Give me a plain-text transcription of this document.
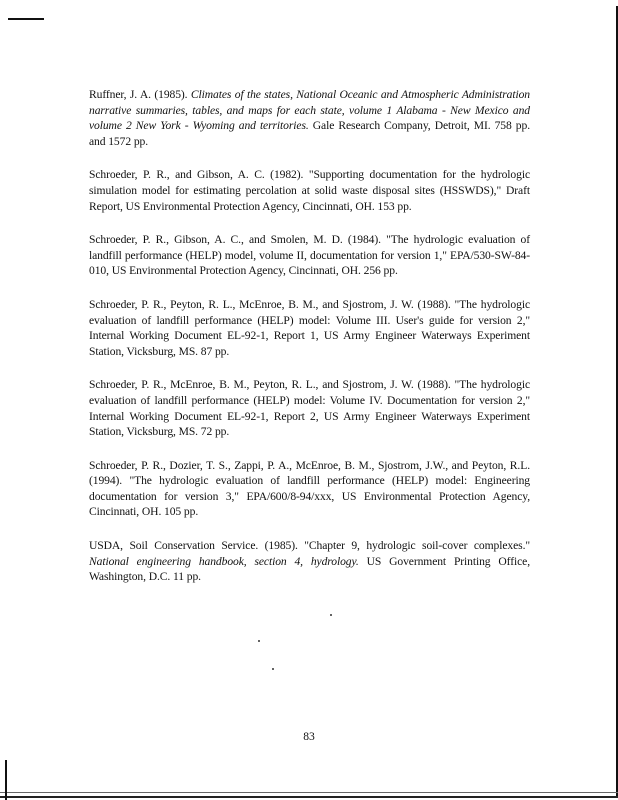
Ruffner, J. A. (1985). Climates of the states, National Oceanic and Atmospheric Administration narrative summaries, tables, and maps for each state, volume 1 Alabama - New Mexico and volume 2 New York - Wyoming and territories. Gale Research Company, Detroit, MI. 758 pp. and 1572 pp.
Schroeder, P. R., and Gibson, A. C. (1982). "Supporting documentation for the hydrologic simulation model for estimating percolation at solid waste disposal sites (HSSWDS)," Draft Report, US Environmental Protection Agency, Cincinnati, OH. 153 pp.
Schroeder, P. R., Gibson, A. C., and Smolen, M. D. (1984). "The hydrologic evaluation of landfill performance (HELP) model, volume II, documentation for version 1," EPA/530-SW-84-010, US Environmental Protection Agency, Cincinnati, OH. 256 pp.
Schroeder, P. R., Peyton, R. L., McEnroe, B. M., and Sjostrom, J. W. (1988). "The hydrologic evaluation of landfill performance (HELP) model: Volume III. User's guide for version 2," Internal Working Document EL-92-1, Report 1, US Army Engineer Waterways Experiment Station, Vicksburg, MS. 87 pp.
Schroeder, P. R., McEnroe, B. M., Peyton, R. L., and Sjostrom, J. W. (1988). "The hydrologic evaluation of landfill performance (HELP) model: Volume IV. Documentation for version 2," Internal Working Document EL-92-1, Report 2, US Army Engineer Waterways Experiment Station, Vicksburg, MS. 72 pp.
Schroeder, P. R., Dozier, T. S., Zappi, P. A., McEnroe, B. M., Sjostrom, J.W., and Peyton, R.L. (1994). "The hydrologic evaluation of landfill performance (HELP) model: Engineering documentation for version 3," EPA/600/8-94/xxx, US Environmental Protection Agency, Cincinnati, OH. 105 pp.
USDA, Soil Conservation Service. (1985). "Chapter 9, hydrologic soil-cover complexes." National engineering handbook, section 4, hydrology. US Government Printing Office, Washington, D.C. 11 pp.
83
